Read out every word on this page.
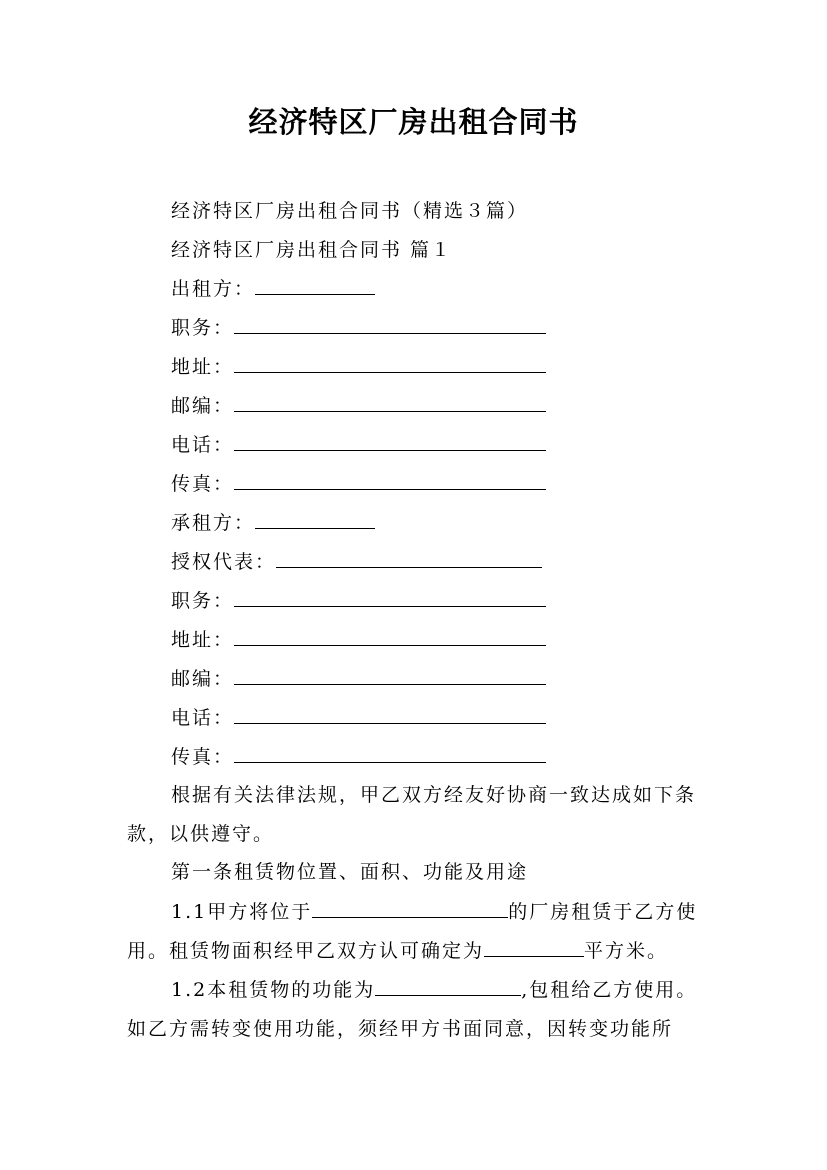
经济特区厂房出租合同书
经济特区厂房出租合同书（精选３篇）
经济特区厂房出租合同书 篇１
出租方：
职务：
地址：
邮编：
电话：
传真：
承租方：
授权代表：
职务：
地址：
邮编：
电话：
传真：
根据有关法律法规，甲乙双方经友好协商一致达成如下条款，以供遵守。
第一条租赁物位置、面积、功能及用途
1.1甲方将位于	的厂房租赁于乙方使用。租赁物面积经甲乙双方认可确定为	平方米。
1.2本租赁物的功能为	,包租给乙方使用。如乙方需转变使用功能，须经甲方书面同意，因转变功能所
